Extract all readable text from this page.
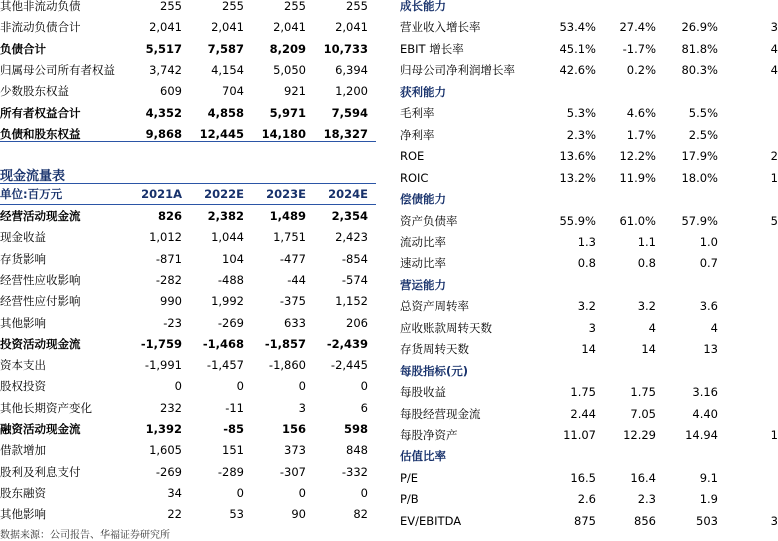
其他非流动负债	255	255	255	255
非流动负债合计	2,041	2,041	2,041	2,041
负债合计	5,517	7,587	8,209	10,733
归属母公司所有者权益	3,742	4,154	5,050	6,394
少数股东权益	609	704	921	1,200
所有者权益合计	4,352	4,858	5,971	7,594
负债和股东权益	9,868	12,445	14,180	18,327
现金流量表
单位:百万元	2021A	2022E	2023E	2024E
经营活动现金流	826	2,382	1,489	2,354
现金收益	1,012	1,044	1,751	2,423
存货影响	-871	104	-477	-854
经营性应收影响	-282	-488	-44	-574
经营性应付影响	990	1,992	-375	1,152
其他影响	-23	-269	633	206
投资活动现金流	-1,759	-1,468	-1,857	-2,439
资本支出	-1,991	-1,457	-1,860	-2,445
股权投资	0	0	0	0
其他长期资产变化	232	-11	3	6
融资活动现金流	1,392	-85	156	598
借款增加	1,605	151	373	848
股利及利息支付	-269	-289	-307	-332
股东融资	34	0	0	0
其他影响	22	53	90	82
数据来源：公司报告、华福证券研究所
成长能力
营业收入增长率	53.4%	27.4%	26.9%	3
EBIT 增长率	45.1%	-1.7%	81.8%	4
归母公司净利润增长率	42.6%	0.2%	80.3%	4
获利能力
毛利率	5.3%	4.6%	5.5%
净利率	2.3%	1.7%	2.5%
ROE	13.6%	12.2%	17.9%	2
ROIC	13.2%	11.9%	18.0%	1
偿债能力
资产负债率	55.9%	61.0%	57.9%	5
流动比率	1.3	1.1	1.0
速动比率	0.8	0.8	0.7
营运能力
总资产周转率	3.2	3.2	3.6
应收账款周转天数	3	4	4
存货周转天数	14	14	13
每股指标(元)
每股收益	1.75	1.75	3.16
每股经营现金流	2.44	7.05	4.40
每股净资产	11.07	12.29	14.94	1
估值比率
P/E	16.5	16.4	9.1
P/B	2.6	2.3	1.9
EV/EBITDA	875	856	503	3
